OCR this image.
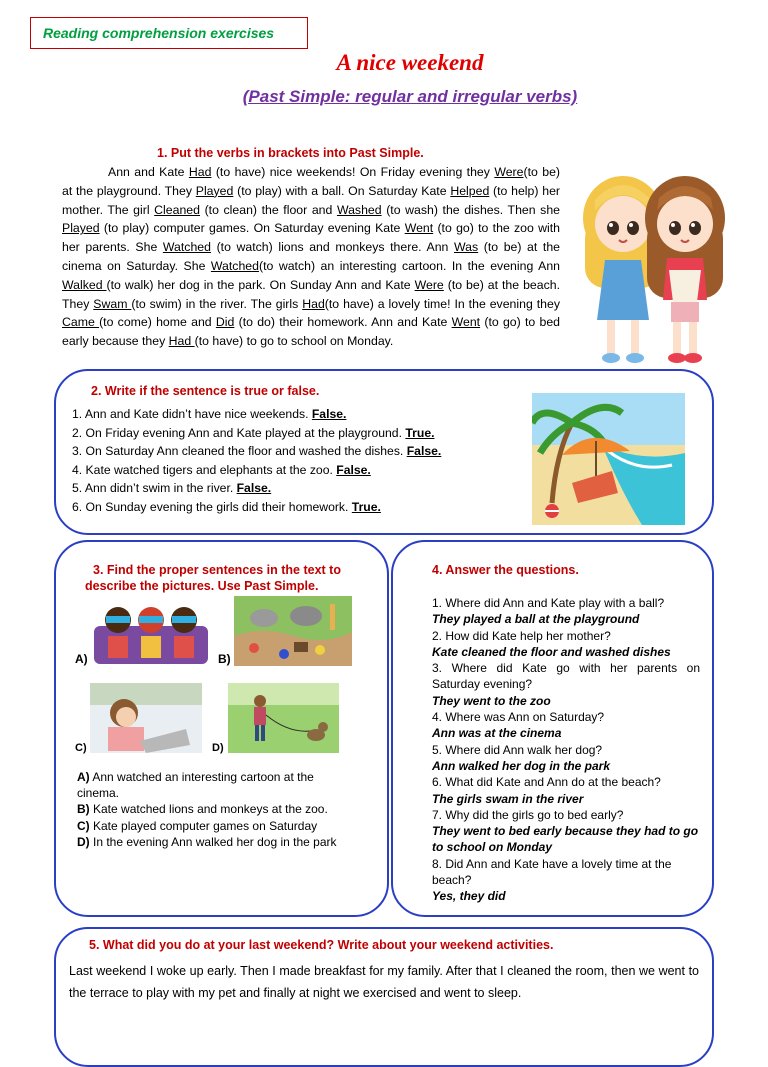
Reading comprehension exercises
A nice weekend
(Past Simple: regular and irregular verbs)
1. Put the verbs in brackets into Past Simple.

Ann and Kate Had (to have) nice weekends! On Friday evening they Were(to be) at the playground. They Played (to play) with a ball. On Saturday Kate Helped (to help) her mother. The girl Cleaned (to clean) the floor and Washed (to wash) the dishes. Then she Played (to play) computer games. On Saturday evening Kate Went (to go) to the zoo with her parents. She Watched (to watch) lions and monkeys there. Ann Was (to be) at the cinema on Saturday. She Watched(to watch) an interesting cartoon. In the evening Ann Walked (to walk) her dog in the park. On Sunday Ann and Kate Were (to be) at the beach. They Swam (to swim) in the river. The girls Had(to have) a lovely time! In the evening they Came (to come) home and Did (to do) their homework. Ann and Kate Went (to go) to bed early because they Had (to have) to go to school on Monday.

2. Write if the sentence is true or false.

1. Ann and Kate didn’t have nice weekends. False.

2. On Friday evening Ann and Kate played at the playground. True.

3. On Saturday Ann cleaned the floor and washed the dishes. False.

4. Kate watched tigers and elephants at the zoo. False.

5. Ann didn’t swim in the river. False.

6. On Sunday evening the girls did their homework. True.

3. Find the proper sentences in the text to
describe the pictures. Use Past Simple.
A)	B)
C)	D)
A) Ann watched an interesting cartoon at the cinema.
B) Kate watched lions and monkeys at the zoo.
C) Kate played computer games on Saturday
D) In the evening Ann walked her dog in the park
4. Answer the questions.

1. Where did Ann and Kate play with a ball?

They played a ball at the playground

2. How did Kate help her mother?

Kate cleaned the floor and washed dishes

3. Where did Kate go with her parents on Saturday evening?

They went to the zoo

4. Where was Ann on Saturday?

Ann was at the cinema

5. Where did Ann walk her dog?

Ann walked her dog in the park

6. What did Kate and Ann do at the beach?

The girls swam in the river

7. Why did the girls go to bed early?

They went to bed early because they had to go to school on Monday

8. Did Ann and Kate have a lovely time at the beach?

Yes, they did

5. What did you do at your last weekend? Write about your weekend activities.
Last weekend I woke up early. Then I made breakfast for my family. After that I cleaned the room, then we went to the terrace to play with my pet and finally at night we exercised and went to sleep.
